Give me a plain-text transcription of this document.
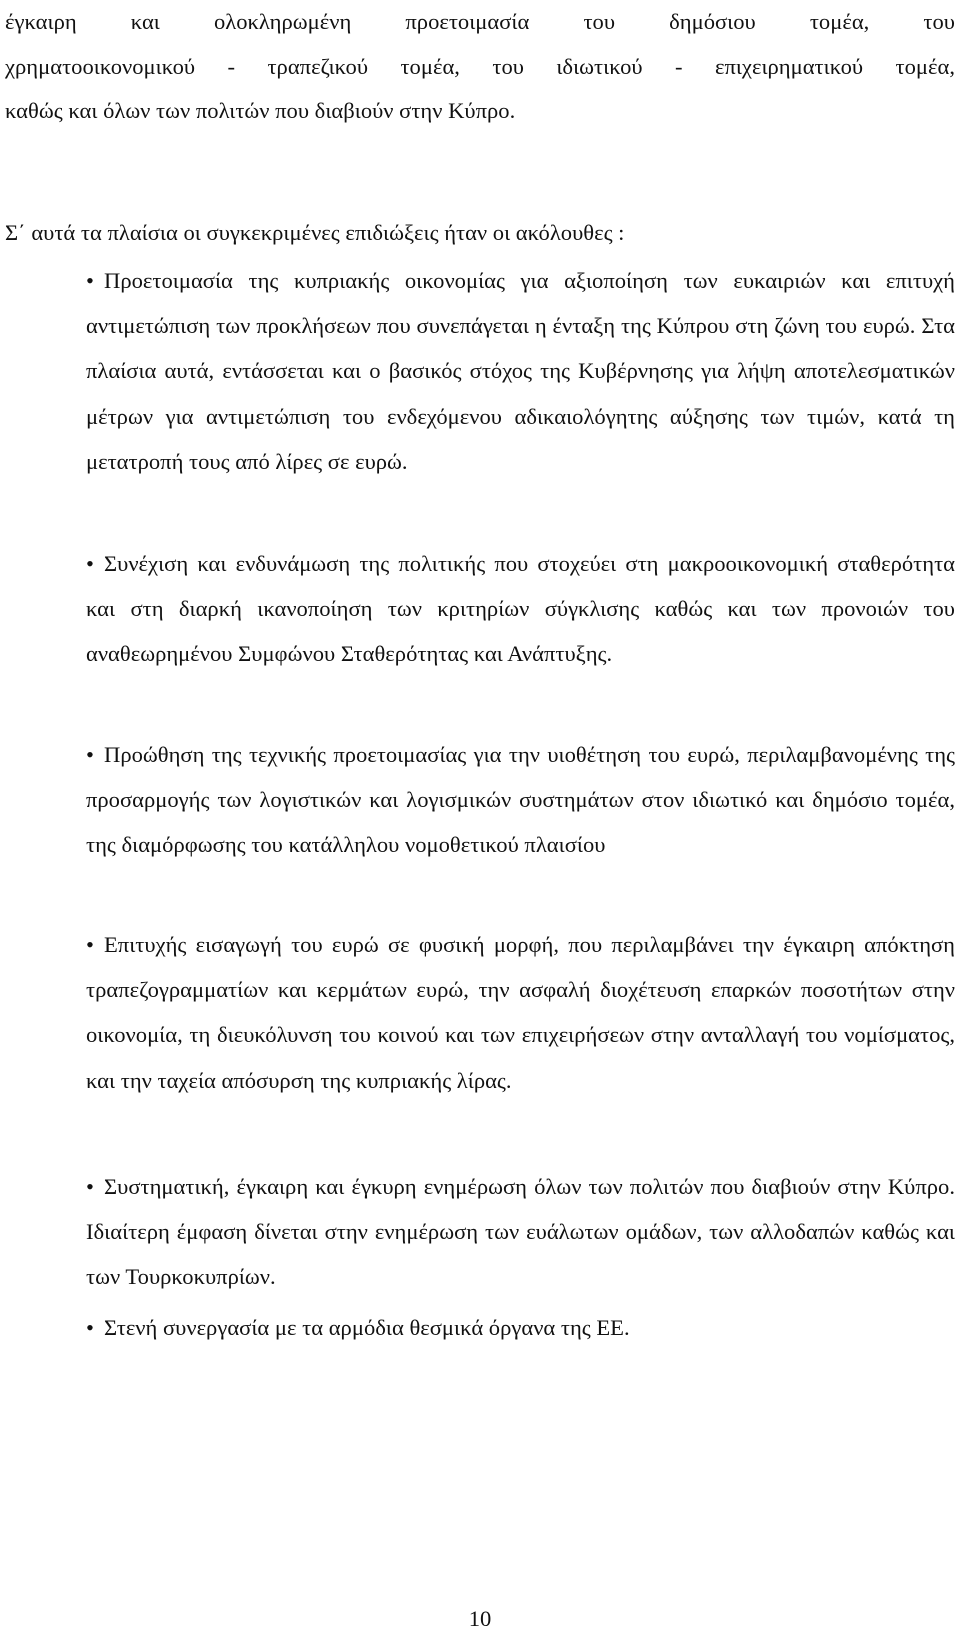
έγκαιρη και ολοκληρωμένη προετοιμασία του δημόσιου τομέα, του
χρηματοοικονομικού - τραπεζικού τομέα, του ιδιωτικού - επιχειρηματικού τομέα,
καθώς και όλων των πολιτών που διαβιούν στην Κύπρο.

Σ΄ αυτά τα πλαίσια οι συγκεκριμένες επιδιώξεις ήταν οι ακόλουθες :

• Προετοιμασία της κυπριακής οικονομίας για αξιοποίηση των ευκαιριών και επιτυχή αντιμετώπιση των προκλήσεων που συνεπάγεται η ένταξη της Κύπρου στη ζώνη του ευρώ. Στα πλαίσια αυτά, εντάσσεται και ο βασικός στόχος της Κυβέρνησης για λήψη αποτελεσματικών μέτρων για αντιμετώπιση του ενδεχόμενου αδικαιολόγητης αύξησης των τιμών, κατά τη μετατροπή τους από λίρες σε ευρώ.
• Συνέχιση και ενδυνάμωση της πολιτικής που στοχεύει στη μακροοικονομική σταθερότητα και στη διαρκή ικανοποίηση των κριτηρίων σύγκλισης καθώς και των προνοιών του αναθεωρημένου Συμφώνου Σταθερότητας και Ανάπτυξης.
• Προώθηση της τεχνικής προετοιμασίας για την υιοθέτηση του ευρώ, περιλαμβανομένης της προσαρμογής των λογιστικών και λογισμικών συστημάτων στον ιδιωτικό και δημόσιο τομέα, της διαμόρφωσης του κατάλληλου νομοθετικού πλαισίου
• Επιτυχής εισαγωγή του ευρώ σε φυσική μορφή, που περιλαμβάνει την έγκαιρη απόκτηση τραπεζογραμματίων και κερμάτων ευρώ, την ασφαλή διοχέτευση επαρκών ποσοτήτων στην οικονομία, τη διευκόλυνση του κοινού και των επιχειρήσεων στην ανταλλαγή του νομίσματος, και την ταχεία απόσυρση της κυπριακής λίρας.
• Συστηματική, έγκαιρη και έγκυρη ενημέρωση όλων των πολιτών που διαβιούν στην Κύπρο. Ιδιαίτερη έμφαση δίνεται στην ενημέρωση των ευάλωτων ομάδων, των αλλοδαπών καθώς και των Τουρκοκυπρίων.
• Στενή συνεργασία με τα αρμόδια θεσμικά όργανα της ΕΕ.
10
